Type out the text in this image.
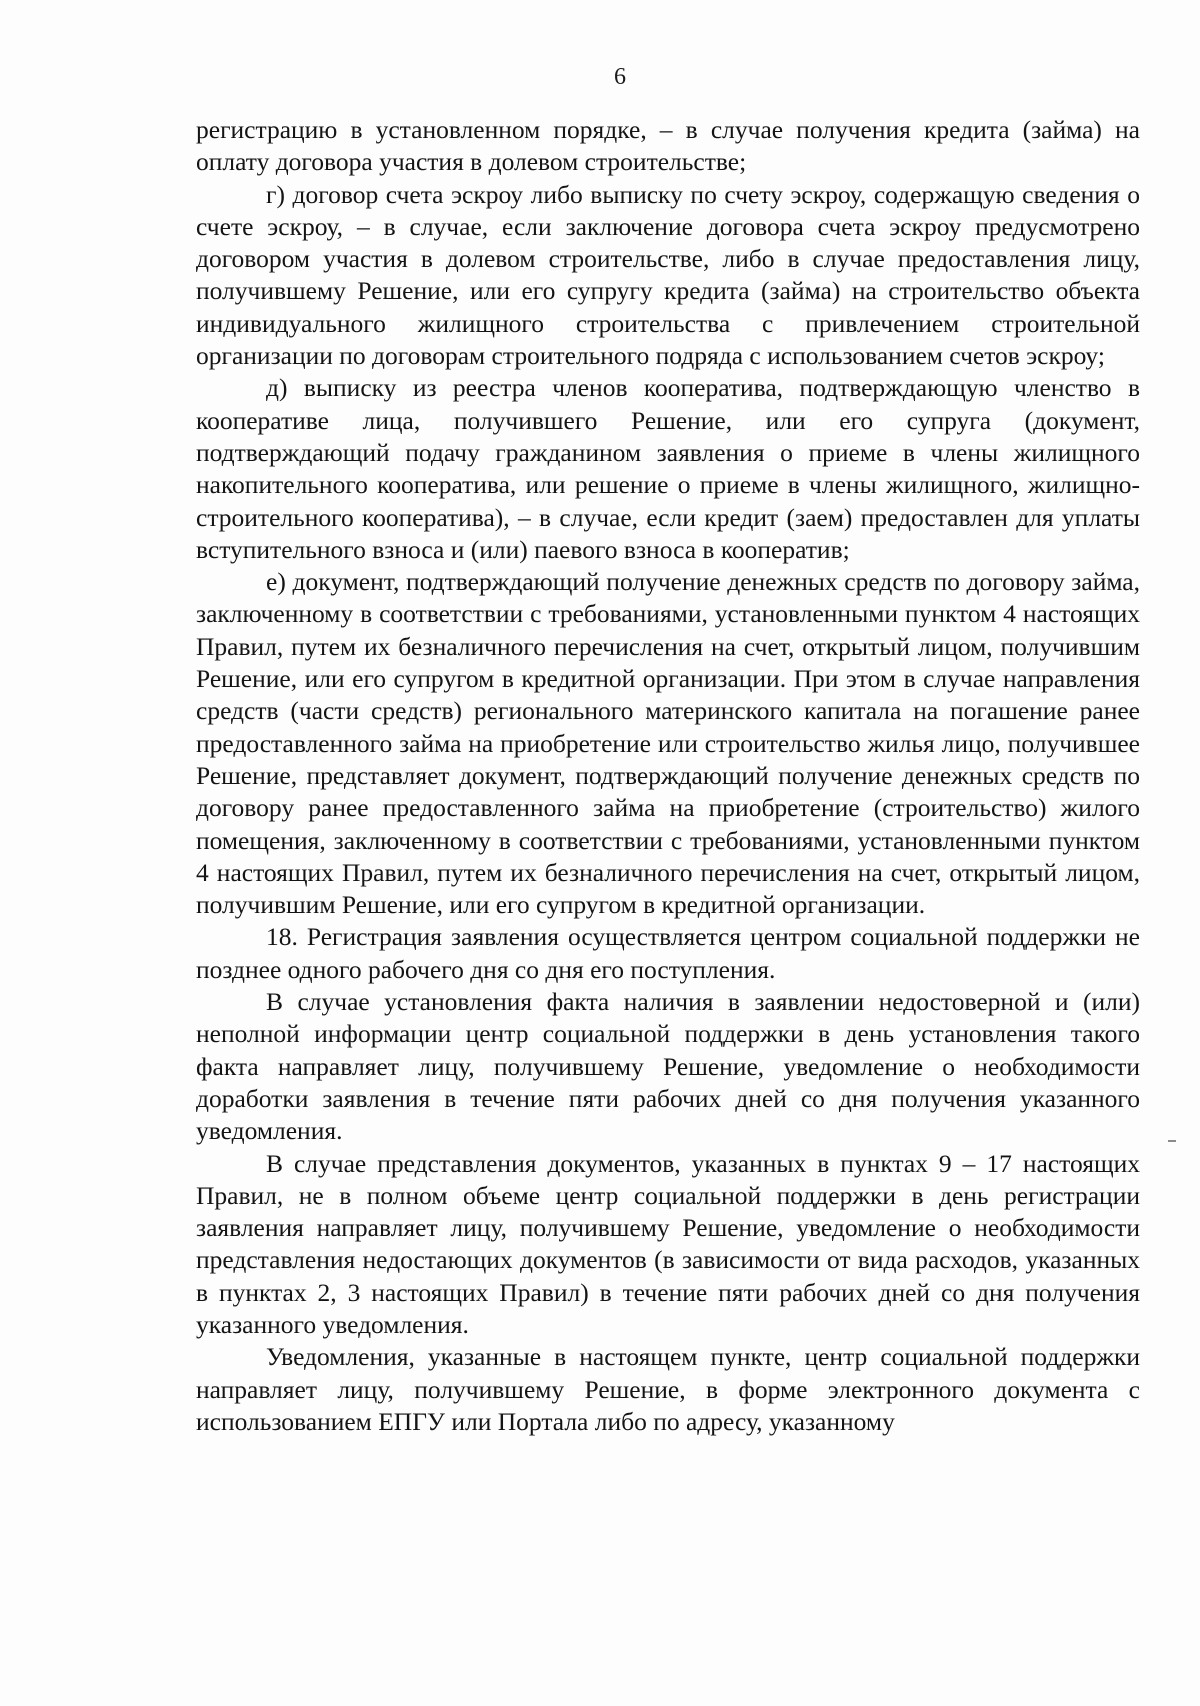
6

регистрацию в установленном порядке, – в случае получения кредита (займа) на оплату договора участия в долевом строительстве;

г) договор счета эскроу либо выписку по счету эскроу, содержащую сведения о счете эскроу, – в случае, если заключение договора счета эскроу предусмотрено договором участия в долевом строительстве, либо в случае предоставления лицу, получившему Решение, или его супругу кредита (займа) на строительство объекта индивидуального жилищного строительства с привлечением строительной организации по договорам строительного подряда с использованием счетов эскроу;

д) выписку из реестра членов кооператива, подтверждающую членство в кооперативе лица, получившего Решение, или его супруга (документ, подтверждающий подачу гражданином заявления о приеме в члены жилищного накопительного кооператива, или решение о приеме в члены жилищного, жилищно-строительного кооператива), – в случае, если кредит (заем) предоставлен для уплаты вступительного взноса и (или) паевого взноса в кооператив;

е) документ, подтверждающий получение денежных средств по договору займа, заключенному в соответствии с требованиями, установленными пунктом 4 настоящих Правил, путем их безналичного перечисления на счет, открытый лицом, получившим Решение, или его супругом в кредитной организации. При этом в случае направления средств (части средств) регионального материнского капитала на погашение ранее предоставленного займа на приобретение или строительство жилья лицо, получившее Решение, представляет документ, подтверждающий получение денежных средств по договору ранее предоставленного займа на приобретение (строительство) жилого помещения, заключенному в соответствии с требованиями, установленными пунктом 4 настоящих Правил, путем их безналичного перечисления на счет, открытый лицом, получившим Решение, или его супругом в кредитной организации.

18. Регистрация заявления осуществляется центром социальной поддержки не позднее одного рабочего дня со дня его поступления.

В случае установления факта наличия в заявлении недостоверной и (или) неполной информации центр социальной поддержки в день установления такого факта направляет лицу, получившему Решение, уведомление о необходимости доработки заявления в течение пяти рабочих дней со дня получения указанного уведомления.

В случае представления документов, указанных в пунктах 9 – 17 настоящих Правил, не в полном объеме центр социальной поддержки в день регистрации заявления направляет лицу, получившему Решение, уведомление о необходимости представления недостающих документов (в зависимости от вида расходов, указанных в пунктах 2, 3 настоящих Правил) в течение пяти рабочих дней со дня получения указанного уведомления.

Уведомления, указанные в настоящем пункте, центр социальной поддержки направляет лицу, получившему Решение, в форме электронного документа с использованием ЕПГУ или Портала либо по адресу, указанному
